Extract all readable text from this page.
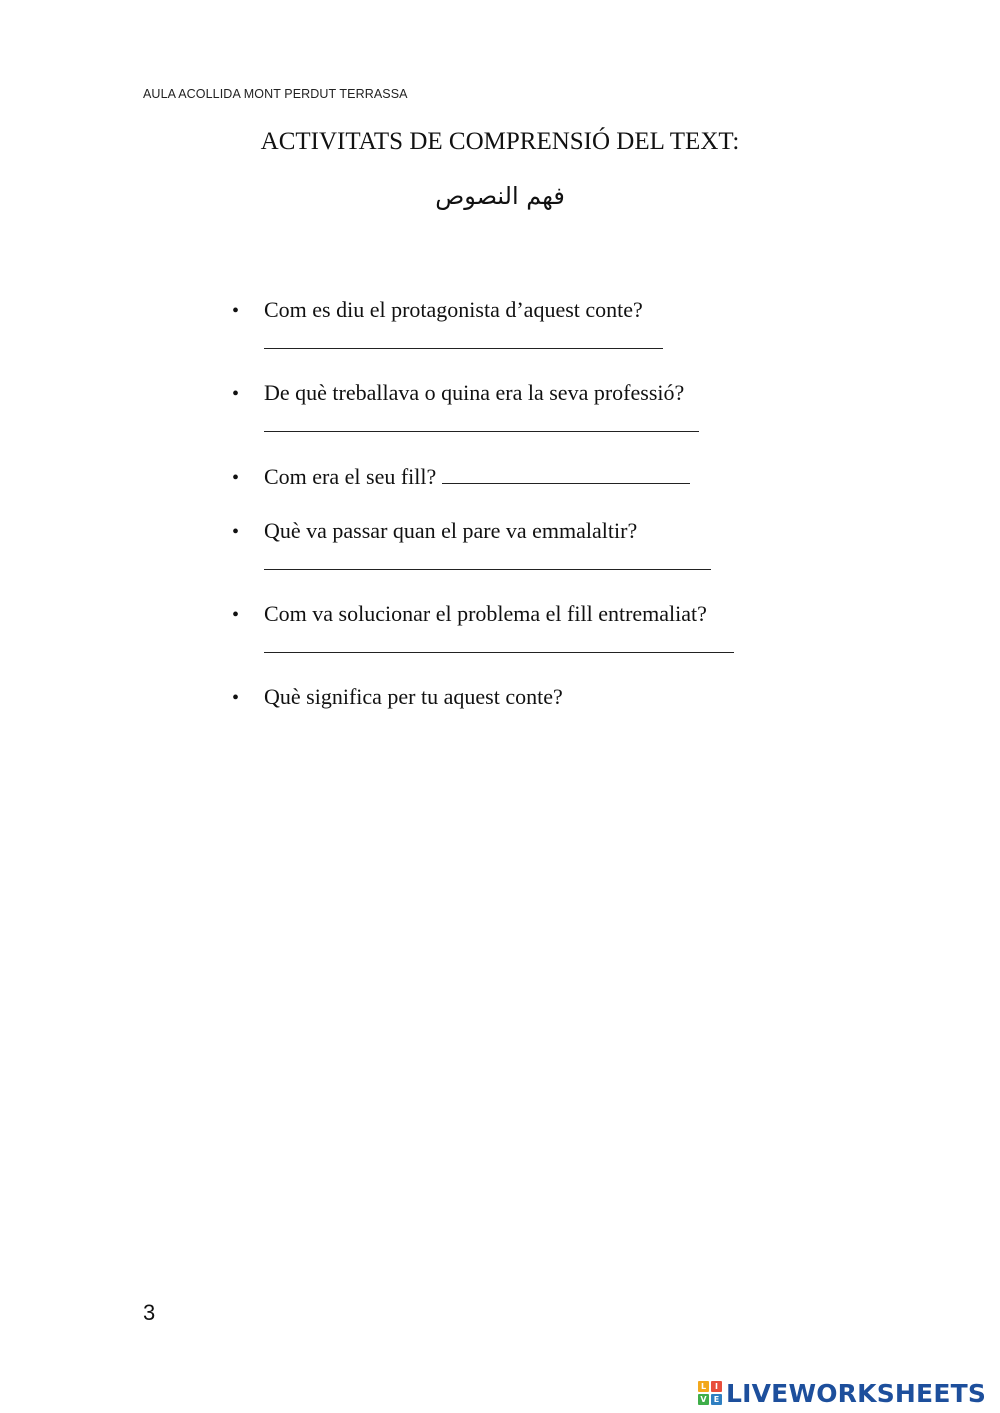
AULA ACOLLIDA MONT PERDUT TERRASSA
ACTIVITATS DE COMPRENSIÓ DEL TEXT:
فهم النصوص
• Com es diu el protagonista d’aquest conte?
• De què treballava o quina era la seva professió?
• Com era el seu fill?
• Què va passar quan el pare va emmalaltir?
• Com va solucionar el problema el fill entremaliat?
• Què significa per tu aquest conte?
3
L	I
V E LIVEWORKSHEETS
